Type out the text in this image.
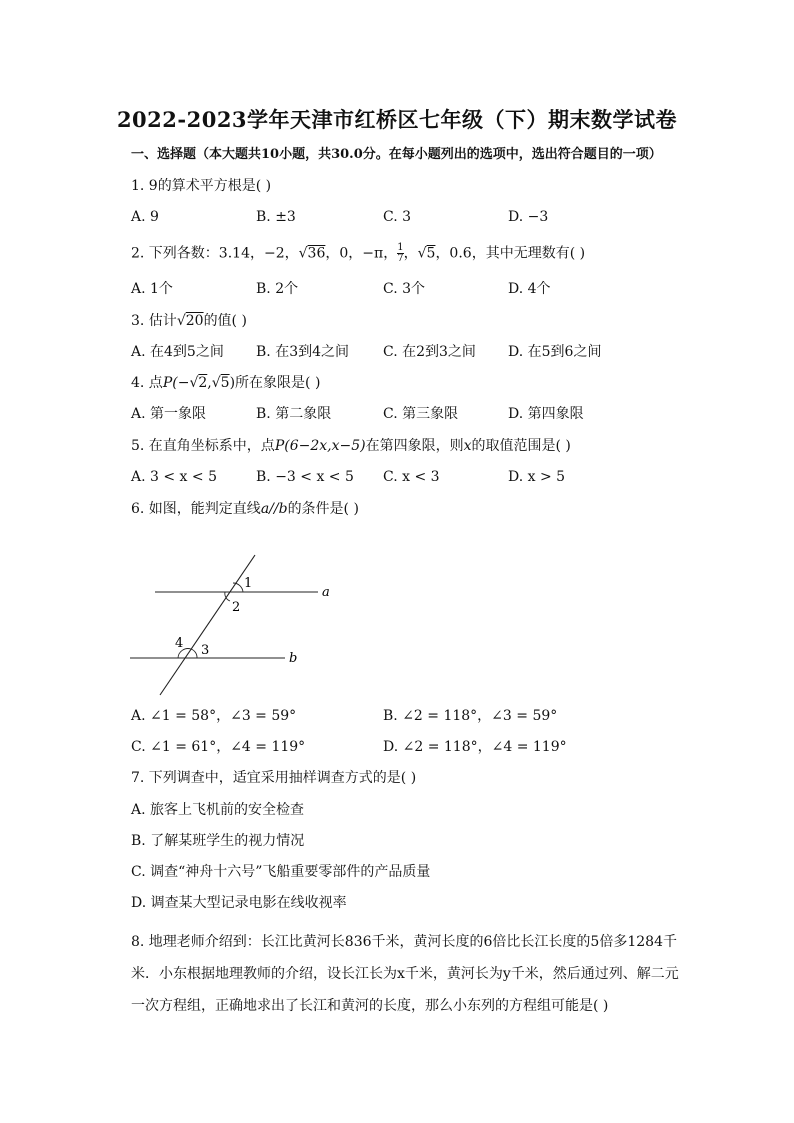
2022-2023学年天津市红桥区七年级（下）期末数学试卷
一、选择题（本大题共10小题，共30.0分。在每小题列出的选项中，选出符合题目的一项）
1. 9的算术平方根是( )
A. 9	B. ±3	C. 3	D. −3
2. 下列各数：3.14，−2，√36，0，−π， $\frac{1}{7}$ ，√5，0.6，其中无理数有( )
A. 1个	B. 2个	C. 3个	D. 4个
3. 估计√20的值( )
A. 在4到5之间 B. 在3到4之间 C. 在2到3之间 D. 在5到6之间
4. 点P(−√2,√5)所在象限是( )
A. 第一象限	B. 第二象限	C. 第三象限	D. 第四象限
5. 在直角坐标系中，点P(6−2x,x−5)在第四象限，则x的取值范围是( )
A. 3 < x < 5	B. −3 < x < 5 C. x < 3	D. x > 5
6. 如图，能判定直线a//b的条件是( )
1
2
3
4
a
b
A. ∠1 = 58°，∠3 = 59°	B. ∠2 = 118°，∠3 = 59°
C. ∠1 = 61°，∠4 = 119°	D. ∠2 = 118°，∠4 = 119°
7. 下列调查中，适宜采用抽样调查方式的是( )
A. 旅客上飞机前的安全检查
B. 了解某班学生的视力情况
C. 调查“神舟十六号”飞船重要零部件的产品质量
D. 调查某大型记录电影在线收视率
8. 地理老师介绍到：长江比黄河长836千米，黄河长度的6倍比长江长度的5倍多1284千米．小东根据地理教师的介绍，设长江长为x千米，黄河长为y千米，然后通过列、解二元一次方程组，正确地求出了长江和黄河的长度，那么小东列的方程组可能是( )
